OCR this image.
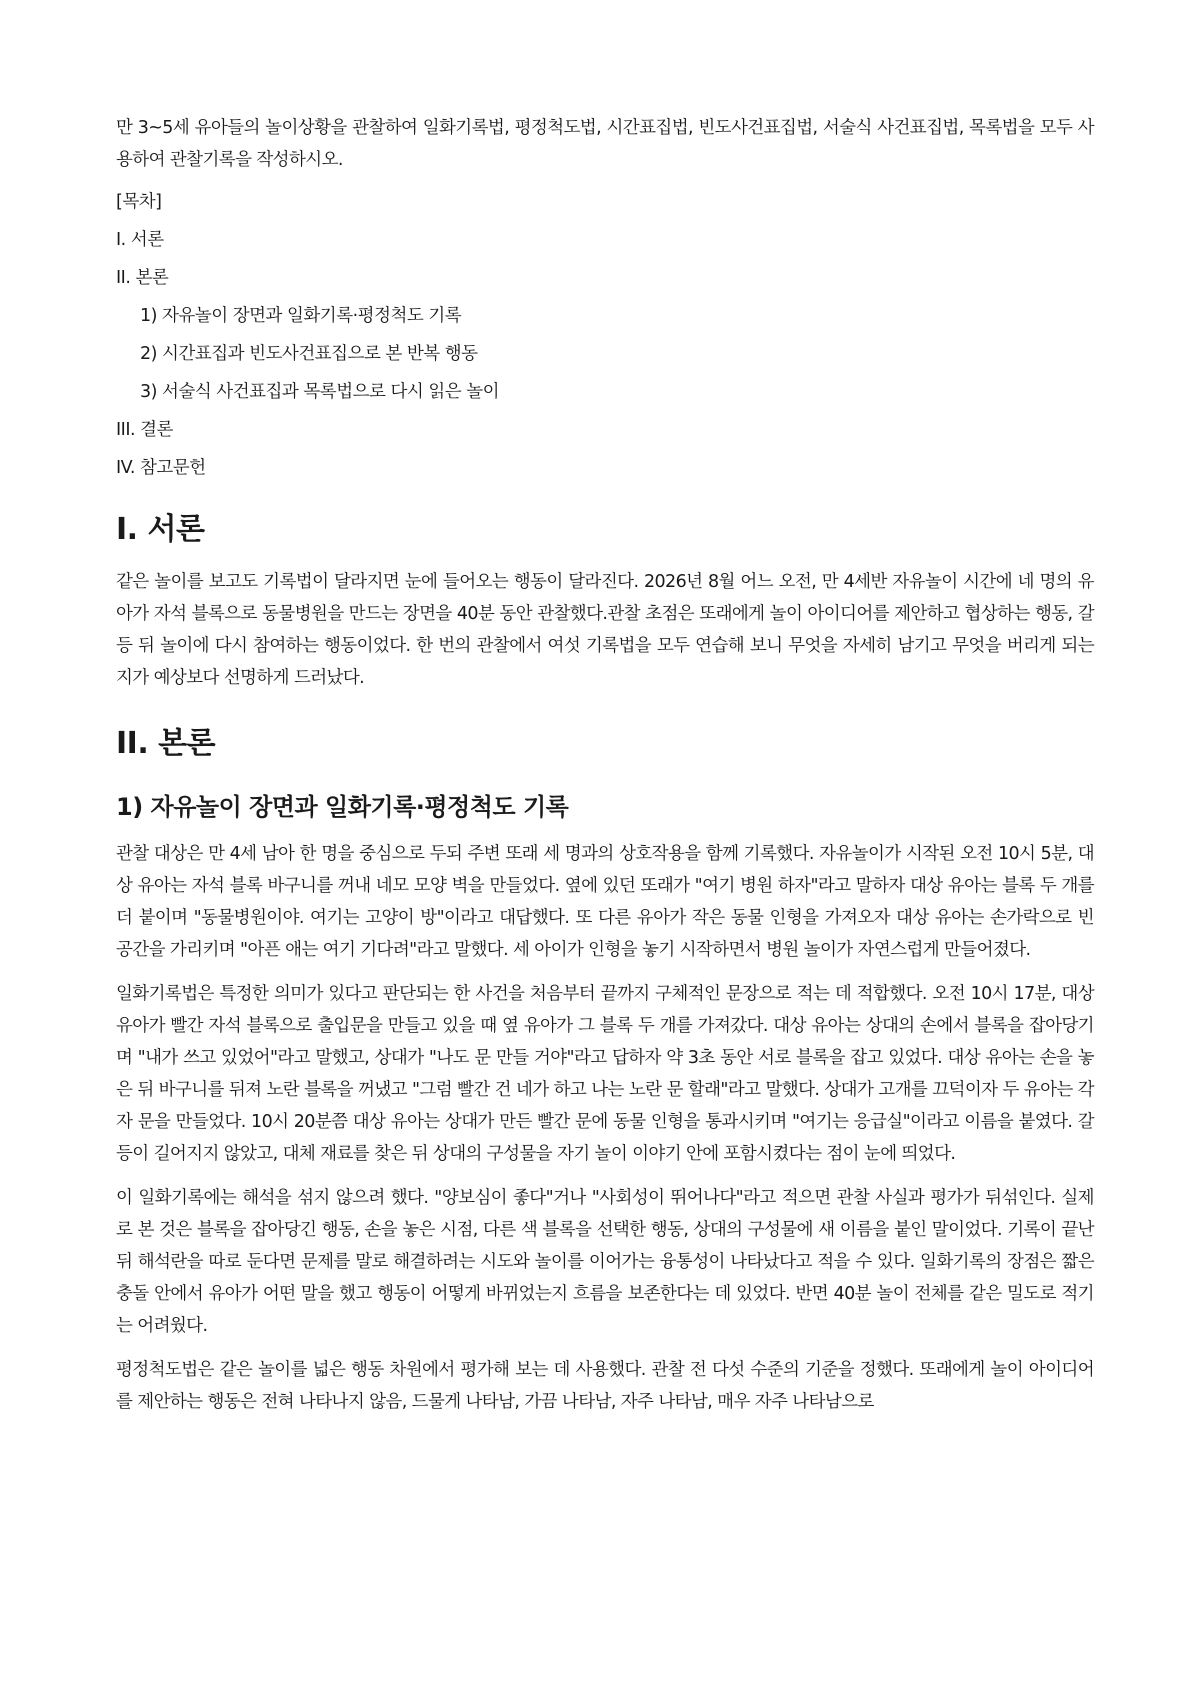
만 3~5세 유아들의 놀이상황을 관찰하여 일화기록법, 평정척도법, 시간표집법, 빈도사건표집법, 서술식 사건표집법, 목록법을 모두 사용하여 관찰기록을 작성하시오.

[목차]
I. 서론
II. 본론
1) 자유놀이 장면과 일화기록·평정척도 기록
2) 시간표집과 빈도사건표집으로 본 반복 행동
3) 서술식 사건표집과 목록법으로 다시 읽은 놀이
III. 결론
IV. 참고문헌
I. 서론

같은 놀이를 보고도 기록법이 달라지면 눈에 들어오는 행동이 달라진다. 2026년 8월 어느 오전, 만 4세반 자유놀이 시간에 네 명의 유아가 자석 블록으로 동물병원을 만드는 장면을 40분 동안 관찰했다.관찰 초점은 또래에게 놀이 아이디어를 제안하고 협상하는 행동, 갈등 뒤 놀이에 다시 참여하는 행동이었다. 한 번의 관찰에서 여섯 기록법을 모두 연습해 보니 무엇을 자세히 남기고 무엇을 버리게 되는지가 예상보다 선명하게 드러났다.

II. 본론
1) 자유놀이 장면과 일화기록·평정척도 기록

관찰 대상은 만 4세 남아 한 명을 중심으로 두되 주변 또래 세 명과의 상호작용을 함께 기록했다. 자유놀이가 시작된 오전 10시 5분, 대상 유아는 자석 블록 바구니를 꺼내 네모 모양 벽을 만들었다. 옆에 있던 또래가 "여기 병원 하자"라고 말하자 대상 유아는 블록 두 개를 더 붙이며 "동물병원이야. 여기는 고양이 방"이라고 대답했다. 또 다른 유아가 작은 동물 인형을 가져오자 대상 유아는 손가락으로 빈 공간을 가리키며 "아픈 애는 여기 기다려"라고 말했다. 세 아이가 인형을 놓기 시작하면서 병원 놀이가 자연스럽게 만들어졌다.

일화기록법은 특정한 의미가 있다고 판단되는 한 사건을 처음부터 끝까지 구체적인 문장으로 적는 데 적합했다. 오전 10시 17분, 대상 유아가 빨간 자석 블록으로 출입문을 만들고 있을 때 옆 유아가 그 블록 두 개를 가져갔다. 대상 유아는 상대의 손에서 블록을 잡아당기며 "내가 쓰고 있었어"라고 말했고, 상대가 "나도 문 만들 거야"라고 답하자 약 3초 동안 서로 블록을 잡고 있었다. 대상 유아는 손을 놓은 뒤 바구니를 뒤져 노란 블록을 꺼냈고 "그럼 빨간 건 네가 하고 나는 노란 문 할래"라고 말했다. 상대가 고개를 끄덕이자 두 유아는 각자 문을 만들었다. 10시 20분쯤 대상 유아는 상대가 만든 빨간 문에 동물 인형을 통과시키며 "여기는 응급실"이라고 이름을 붙였다. 갈등이 길어지지 않았고, 대체 재료를 찾은 뒤 상대의 구성물을 자기 놀이 이야기 안에 포함시켰다는 점이 눈에 띄었다.

이 일화기록에는 해석을 섞지 않으려 했다. "양보심이 좋다"거나 "사회성이 뛰어나다"라고 적으면 관찰 사실과 평가가 뒤섞인다. 실제로 본 것은 블록을 잡아당긴 행동, 손을 놓은 시점, 다른 색 블록을 선택한 행동, 상대의 구성물에 새 이름을 붙인 말이었다. 기록이 끝난 뒤 해석란을 따로 둔다면 문제를 말로 해결하려는 시도와 놀이를 이어가는 융통성이 나타났다고 적을 수 있다. 일화기록의 장점은 짧은 충돌 안에서 유아가 어떤 말을 했고 행동이 어떻게 바뀌었는지 흐름을 보존한다는 데 있었다. 반면 40분 놀이 전체를 같은 밀도로 적기는 어려웠다.

평정척도법은 같은 놀이를 넓은 행동 차원에서 평가해 보는 데 사용했다. 관찰 전 다섯 수준의 기준을 정했다. 또래에게 놀이 아이디어를 제안하는 행동은 전혀 나타나지 않음, 드물게 나타남, 가끔 나타남, 자주 나타남, 매우 자주 나타남으로
